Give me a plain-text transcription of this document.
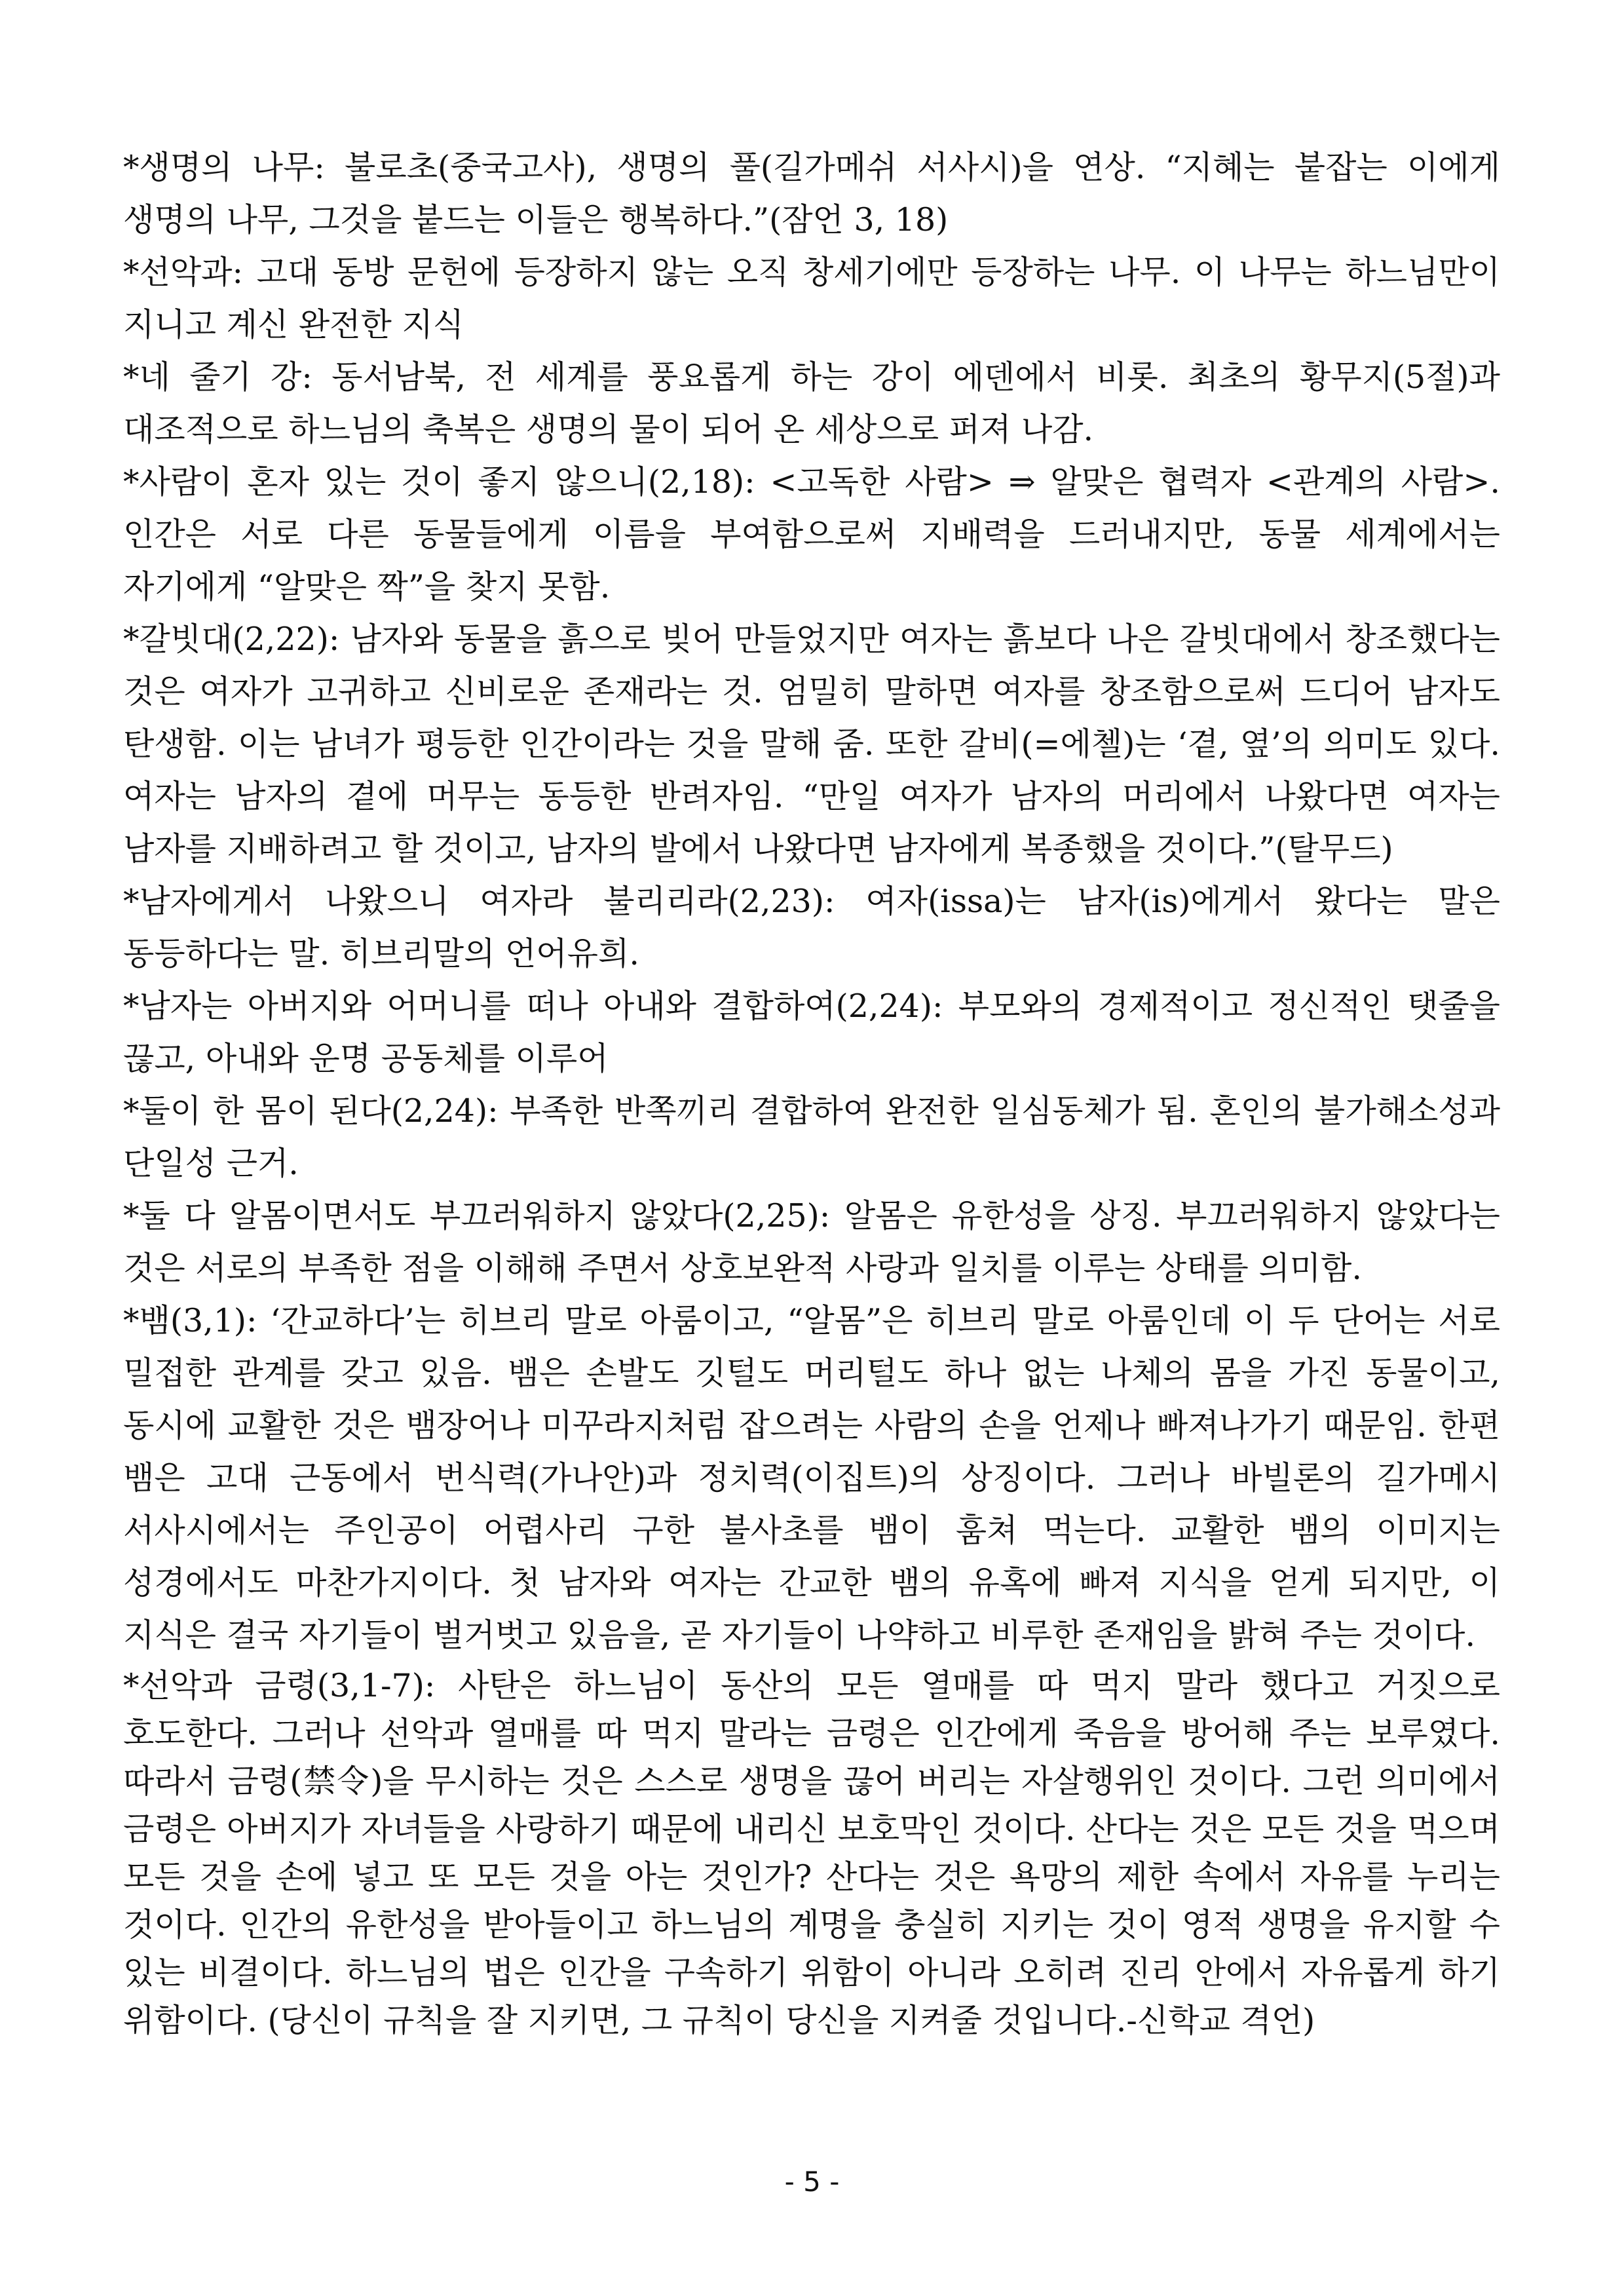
*생명의 나무: 불로초(중국고사), 생명의 풀(길가메쉬 서사시)을 연상. “지혜는 붙잡는 이에게 생명의 나무, 그것을 붙드는 이들은 행복하다.”(잠언 3, 18)

*선악과: 고대 동방 문헌에 등장하지 않는 오직 창세기에만 등장하는 나무. 이 나무는 하느님만이 지니고 계신 완전한 지식

*네 줄기 강: 동서남북, 전 세계를 풍요롭게 하는 강이 에덴에서 비롯. 최초의 황무지(5절)과 대조적으로 하느님의 축복은 생명의 물이 되어 온 세상으로 퍼져 나감.

*사람이 혼자 있는 것이 좋지 않으니(2,18): <고독한 사람> ⇒ 알맞은 협력자 <관계의 사람>. 인간은 서로 다른 동물들에게 이름을 부여함으로써 지배력을 드러내지만, 동물 세계에서는 자기에게 “알맞은 짝”을 찾지 못함.

*갈빗대(2,22): 남자와 동물을 흙으로 빚어 만들었지만 여자는 흙보다 나은 갈빗대에서 창조했다는 것은 여자가 고귀하고 신비로운 존재라는 것. 엄밀히 말하면 여자를 창조함으로써 드디어 남자도 탄생함. 이는 남녀가 평등한 인간이라는 것을 말해 줌. 또한 갈비(=에첼)는 ‘곁, 옆’의 의미도 있다. 여자는 남자의 곁에 머무는 동등한 반려자임. “만일 여자가 남자의 머리에서 나왔다면 여자는 남자를 지배하려고 할 것이고, 남자의 발에서 나왔다면 남자에게 복종했을 것이다.”(탈무드)

*남자에게서 나왔으니 여자라 불리리라(2,23): 여자(issa)는 남자(is)에게서 왔다는 말은 동등하다는 말. 히브리말의 언어유희.

*남자는 아버지와 어머니를 떠나 아내와 결합하여(2,24): 부모와의 경제적이고 정신적인 탯줄을 끊고, 아내와 운명 공동체를 이루어

*둘이 한 몸이 된다(2,24): 부족한 반쪽끼리 결합하여 완전한 일심동체가 됨. 혼인의 불가해소성과 단일성 근거.

*둘 다 알몸이면서도 부끄러워하지 않았다(2,25): 알몸은 유한성을 상징. 부끄러워하지 않았다는 것은 서로의 부족한 점을 이해해 주면서 상호보완적 사랑과 일치를 이루는 상태를 의미함.

*뱀(3,1): ‘간교하다’는 히브리 말로 아룸이고, “알몸”은 히브리 말로 아룸인데 이 두 단어는 서로 밀접한 관계를 갖고 있음. 뱀은 손발도 깃털도 머리털도 하나 없는 나체의 몸을 가진 동물이고, 동시에 교활한 것은 뱀장어나 미꾸라지처럼 잡으려는 사람의 손을 언제나 빠져나가기 때문임. 한편 뱀은 고대 근동에서 번식력(가나안)과 정치력(이집트)의 상징이다. 그러나 바빌론의 길가메시 서사시에서는 주인공이 어렵사리 구한 불사초를 뱀이 훔쳐 먹는다. 교활한 뱀의 이미지는 성경에서도 마찬가지이다. 첫 남자와 여자는 간교한 뱀의 유혹에 빠져 지식을 얻게 되지만, 이 지식은 결국 자기들이 벌거벗고 있음을, 곧 자기들이 나약하고 비루한 존재임을 밝혀 주는 것이다.

*선악과 금령(3,1-7): 사탄은 하느님이 동산의 모든 열매를 따 먹지 말라 했다고 거짓으로 호도한다. 그러나 선악과 열매를 따 먹지 말라는 금령은 인간에게 죽음을 방어해 주는 보루였다. 따라서 금령(禁令)을 무시하는 것은 스스로 생명을 끊어 버리는 자살행위인 것이다. 그런 의미에서 금령은 아버지가 자녀들을 사랑하기 때문에 내리신 보호막인 것이다. 산다는 것은 모든 것을 먹으며 모든 것을 손에 넣고 또 모든 것을 아는 것인가? 산다는 것은 욕망의 제한 속에서 자유를 누리는 것이다. 인간의 유한성을 받아들이고 하느님의 계명을 충실히 지키는 것이 영적 생명을 유지할 수 있는 비결이다. 하느님의 법은 인간을 구속하기 위함이 아니라 오히려 진리 안에서 자유롭게 하기 위함이다. (당신이 규칙을 잘 지키면, 그 규칙이 당신을 지켜줄 것입니다.-신학교 격언)

- 5 -
